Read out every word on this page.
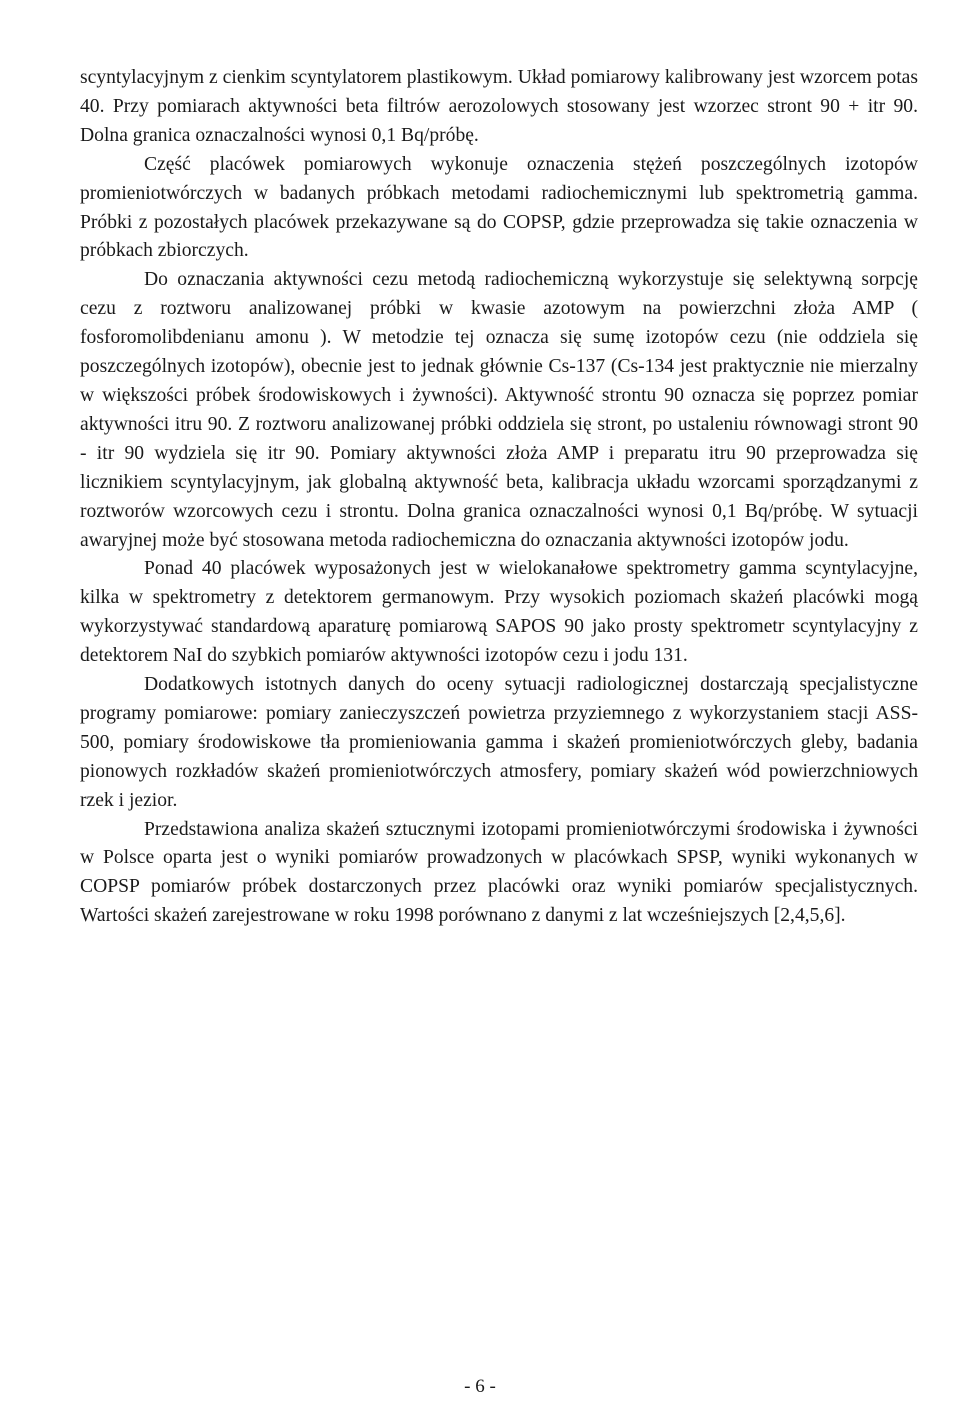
scyntylacyjnym z cienkim scyntylatorem plastikowym. Układ pomiarowy kalibrowany jest wzorcem potas 40. Przy pomiarach aktywności beta filtrów aerozolowych stosowany jest wzorzec stront 90 + itr 90. Dolna granica oznaczalności wynosi 0,1 Bq/próbę.

Część placówek pomiarowych wykonuje oznaczenia stężeń poszczególnych izotopów promieniotwórczych w badanych próbkach metodami radiochemicznymi lub spektrometrią gamma. Próbki z pozostałych placówek przekazywane są do COPSP, gdzie przeprowadza się takie oznaczenia w próbkach zbiorczych.

Do oznaczania aktywności cezu metodą radiochemiczną wykorzystuje się selektywną sorpcję cezu z roztworu analizowanej próbki w kwasie azotowym na powierzchni złoża AMP ( fosforomolibdenianu amonu ). W metodzie tej oznacza się sumę izotopów cezu (nie oddziela się poszczególnych izotopów), obecnie jest to jednak głównie Cs-137 (Cs-134 jest praktycznie nie mierzalny w większości próbek środowiskowych i żywności). Aktywność strontu 90 oznacza się poprzez pomiar aktywności itru 90. Z roztworu analizowanej próbki oddziela się stront, po ustaleniu równowagi stront 90 - itr 90 wydziela się itr 90. Pomiary aktywności złoża AMP i preparatu itru 90 przeprowadza się licznikiem scyntylacyjnym, jak globalną aktywność beta, kalibracja układu wzorcami sporządzanymi z roztworów wzorcowych cezu i strontu. Dolna granica oznaczalności wynosi 0,1 Bq/próbę. W sytuacji awaryjnej może być stosowana metoda radiochemiczna do oznaczania aktywności izotopów jodu.

Ponad 40 placówek wyposażonych jest w wielokanałowe spektrometry gamma scyntylacyjne, kilka w spektrometry z detektorem germanowym. Przy wysokich poziomach skażeń placówki mogą wykorzystywać standardową aparaturę pomiarową SAPOS 90 jako prosty spektrometr scyntylacyjny z detektorem NaI do szybkich pomiarów aktywności izotopów cezu i jodu 131.

Dodatkowych istotnych danych do oceny sytuacji radiologicznej dostarczają specjalistyczne programy pomiarowe: pomiary zanieczyszczeń powietrza przyziemnego z wykorzystaniem stacji ASS-500, pomiary środowiskowe tła promieniowania gamma i skażeń promieniotwórczych gleby, badania pionowych rozkładów skażeń promieniotwórczych atmosfery, pomiary skażeń wód powierzchniowych rzek i jezior.

Przedstawiona analiza skażeń sztucznymi izotopami promieniotwórczymi środowiska i żywności w Polsce oparta jest o wyniki pomiarów prowadzonych w placówkach SPSP, wyniki wykonanych w COPSP pomiarów próbek dostarczonych przez placówki oraz wyniki pomiarów specjalistycznych. Wartości skażeń zarejestrowane w roku 1998 porównano z danymi z lat wcześniejszych [2,4,5,6].

- 6 -
